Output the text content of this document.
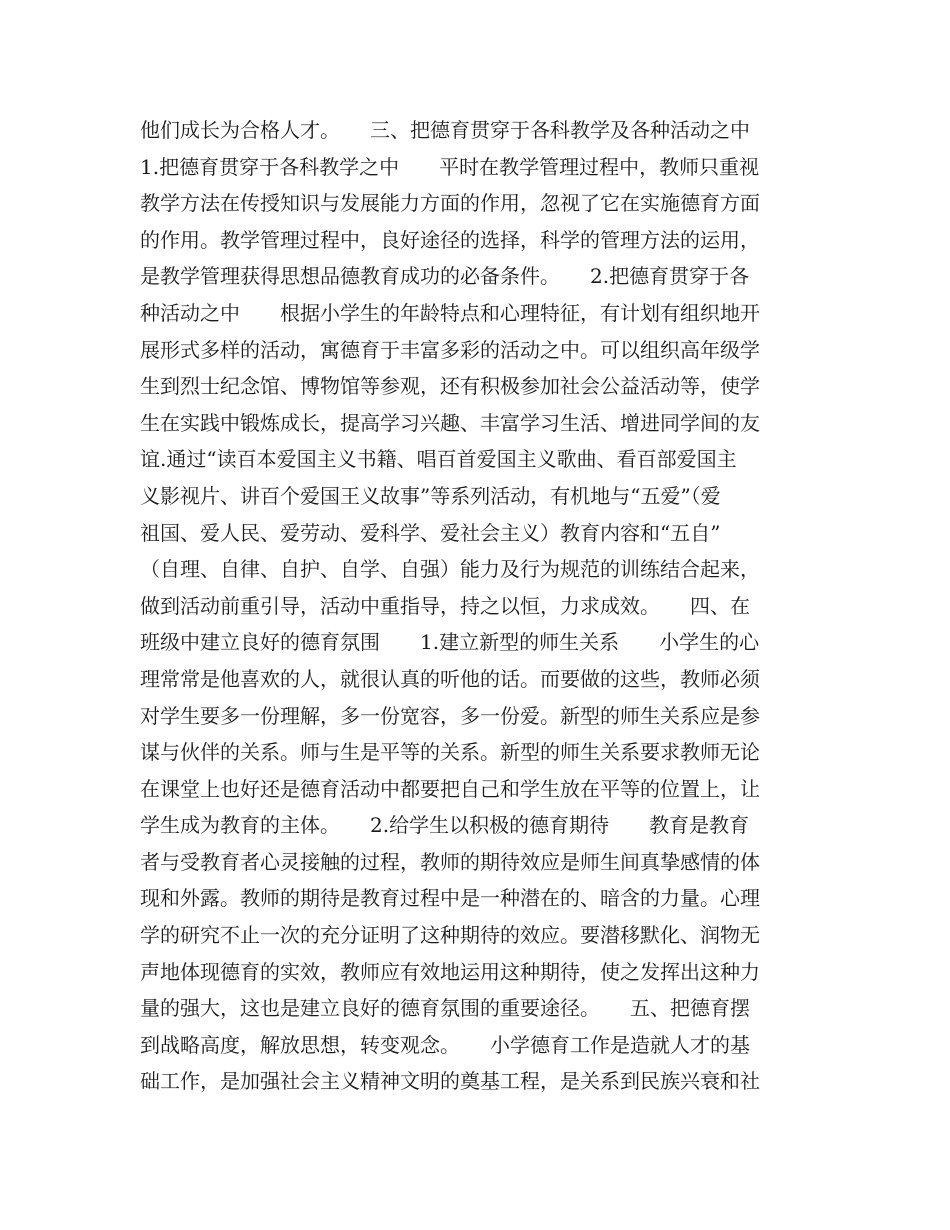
他们成长为合格人才。　　三、把德育贯穿于各科教学及各种活动之中
1.把德育贯穿于各科教学之中　　平时在教学管理过程中，教师只重视
教学方法在传授知识与发展能力方面的作用，忽视了它在实施德育方面
的作用。教学管理过程中，良好途径的选择，科学的管理方法的运用，
是教学管理获得思想品德教育成功的必备条件。　　2.把德育贯穿于各
种活动之中　　根据小学生的年龄特点和心理特征，有计划有组织地开
展形式多样的活动，寓德育于丰富多彩的活动之中。可以组织高年级学
生到烈士纪念馆、博物馆等参观，还有积极参加社会公益活动等，使学
生在实践中锻炼成长，提高学习兴趣、丰富学习生活、增进同学间的友
谊.通过“读百本爱国主义书籍、唱百首爱国主义歌曲、看百部爱国主
义影视片、讲百个爱国王义故事”等系列活动，有机地与“五爱”（爱
祖国、爱人民、爱劳动、爱科学、爱社会主义）教育内容和“五自”
（自理、自律、自护、自学、自强）能力及行为规范的训练结合起来，
做到活动前重引导，活动中重指导，持之以恒，力求成效。　　四、在
班级中建立良好的德育氛围　　1.建立新型的师生关系　　小学生的心
理常常是他喜欢的人，就很认真的听他的话。而要做的这些，教师必须
对学生要多一份理解，多一份宽容，多一份爱。新型的师生关系应是参
谋与伙伴的关系。师与生是平等的关系。新型的师生关系要求教师无论
在课堂上也好还是德育活动中都要把自己和学生放在平等的位置上，让
学生成为教育的主体。　　2.给学生以积极的德育期待　　教育是教育
者与受教育者心灵接触的过程，教师的期待效应是师生间真挚感情的体
现和外露。教师的期待是教育过程中是一种潜在的、暗含的力量。心理
学的研究不止一次的充分证明了这种期待的效应。要潜移默化、润物无
声地体现德育的实效，教师应有效地运用这种期待，使之发挥出这种力
量的强大，这也是建立良好的德育氛围的重要途径。　　五、把德育摆
到战略高度，解放思想，转变观念。　　小学德育工作是造就人才的基
础工作，是加强社会主义精神文明的奠基工程，是关系到民族兴衰和社
